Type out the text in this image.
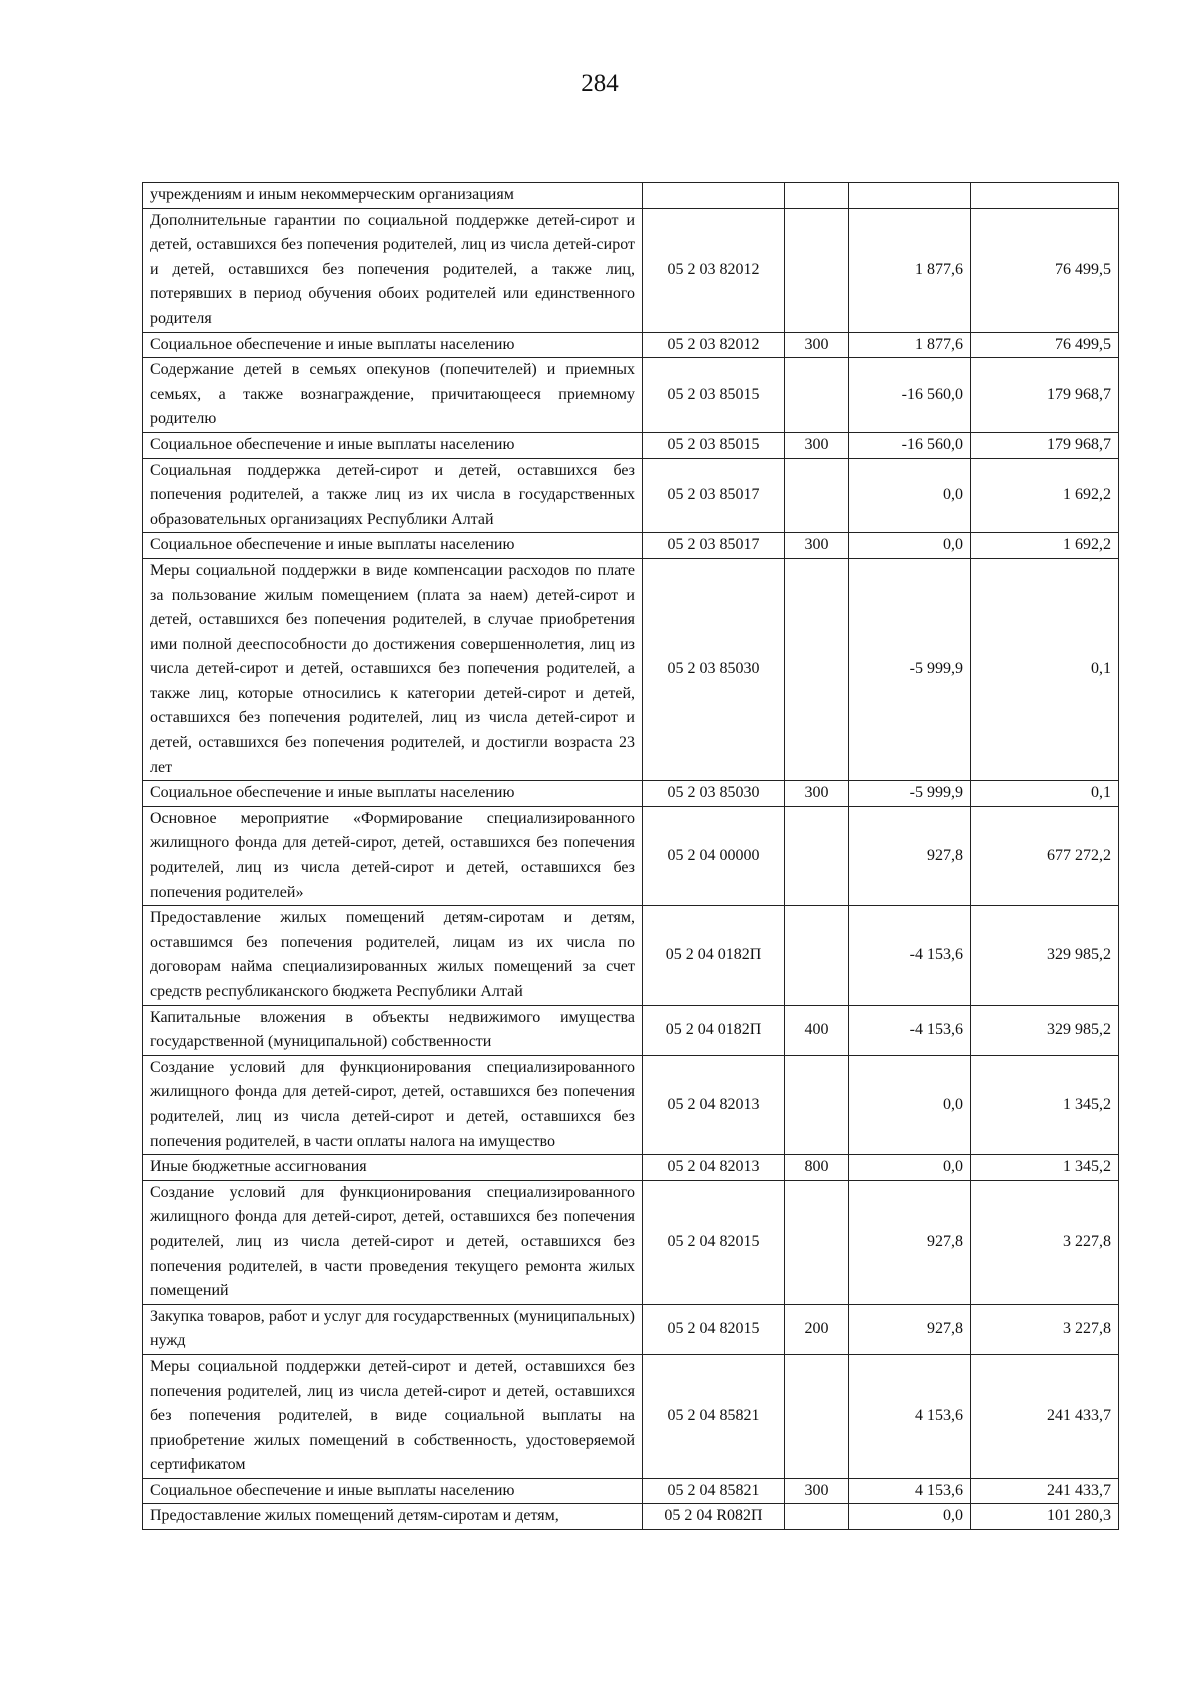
284
учреждениям и иным некоммерческим организациям				
Дополнительные гарантии по социальной поддержке детей-сирот и детей, оставшихся без попечения родителей, лиц из числа детей-сирот и детей, оставшихся без попечения родителей, а также лиц, потерявших в период обучения обоих родителей или единственного родителя	05 2 03 82012		1 877,6	76 499,5
Социальное обеспечение и иные выплаты населению	05 2 03 82012	300	1 877,6	76 499,5
Содержание детей в семьях опекунов (попечителей) и приемных семьях, а также вознаграждение, причитающееся приемному родителю	05 2 03 85015		-16 560,0	179 968,7
Социальное обеспечение и иные выплаты населению	05 2 03 85015	300	-16 560,0	179 968,7
Социальная поддержка детей-сирот и детей, оставшихся без попечения родителей, а также лиц из их числа в государственных образовательных организациях Республики Алтай	05 2 03 85017		0,0	1 692,2
Социальное обеспечение и иные выплаты населению	05 2 03 85017	300	0,0	1 692,2
Меры социальной поддержки в виде компенсации расходов по плате за пользование жилым помещением (плата за наем) детей-сирот и детей, оставшихся без попечения родителей, в случае приобретения ими полной дееспособности до достижения совершеннолетия, лиц из числа детей-сирот и детей, оставшихся без попечения родителей, а также лиц, которые относились к категории детей-сирот и детей, оставшихся без попечения родителей, лиц из числа детей-сирот и детей, оставшихся без попечения родителей, и достигли возраста 23 лет	05 2 03 85030		-5 999,9	0,1
Социальное обеспечение и иные выплаты населению	05 2 03 85030	300	-5 999,9	0,1
Основное мероприятие «Формирование специализированного жилищного фонда для детей-сирот, детей, оставшихся без попечения родителей, лиц из числа детей-сирот и детей, оставшихся без попечения родителей»	05 2 04 00000		927,8	677 272,2
Предоставление жилых помещений детям-сиротам и детям, оставшимся без попечения родителей, лицам из их числа по договорам найма специализированных жилых помещений за счет средств республиканского бюджета Республики Алтай	05 2 04 0182П		-4 153,6	329 985,2
Капитальные вложения в объекты недвижимого имущества государственной (муниципальной) собственности	05 2 04 0182П	400	-4 153,6	329 985,2
Создание условий для функционирования специализированного жилищного фонда для детей-сирот, детей, оставшихся без попечения родителей, лиц из числа детей-сирот и детей, оставшихся без попечения родителей, в части оплаты налога на имущество	05 2 04 82013		0,0	1 345,2
Иные бюджетные ассигнования	05 2 04 82013	800	0,0	1 345,2
Создание условий для функционирования специализированного жилищного фонда для детей-сирот, детей, оставшихся без попечения родителей, лиц из числа детей-сирот и детей, оставшихся без попечения родителей, в части проведения текущего ремонта жилых помещений	05 2 04 82015		927,8	3 227,8
Закупка товаров, работ и услуг для государственных (муниципальных) нужд	05 2 04 82015	200	927,8	3 227,8
Меры социальной поддержки детей-сирот и детей, оставшихся без попечения родителей, лиц из числа детей-сирот и детей, оставшихся без попечения родителей, в виде социальной выплаты на приобретение жилых помещений в собственность, удостоверяемой сертификатом	05 2 04 85821		4 153,6	241 433,7
Социальное обеспечение и иные выплаты населению	05 2 04 85821	300	4 153,6	241 433,7
Предоставление жилых помещений детям-сиротам и детям,	05 2 04 R082П		0,0	101 280,3
